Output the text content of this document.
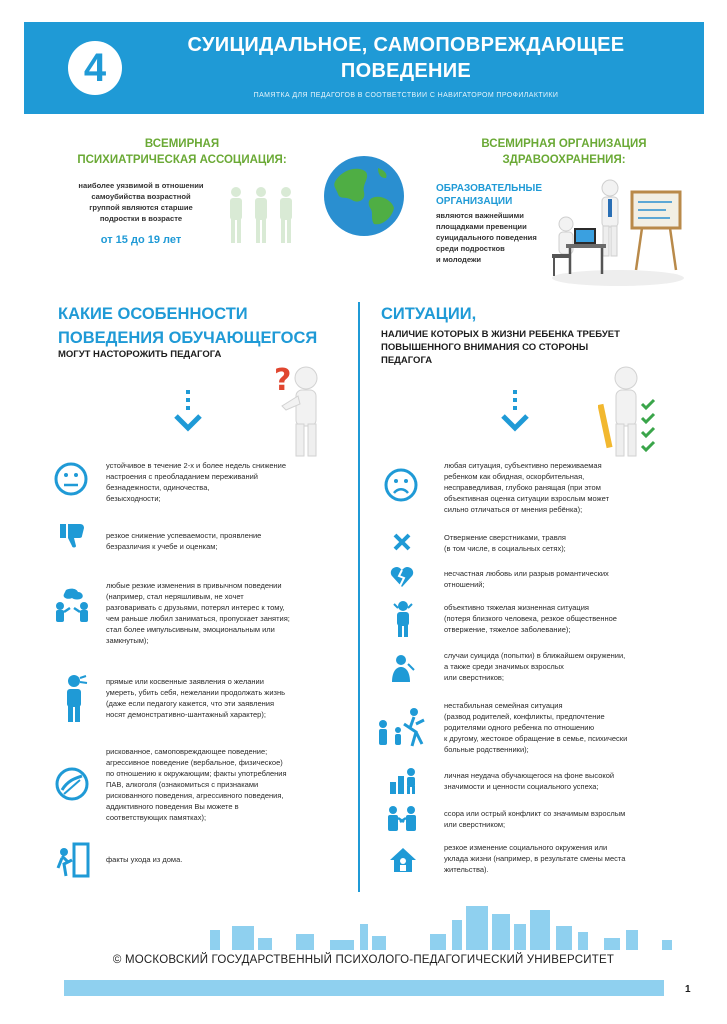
4
СУИЦИДАЛЬНОЕ, САМОПОВРЕЖДАЮЩЕЕ
ПОВЕДЕНИЕ
ПАМЯТКА ДЛЯ ПЕДАГОГОВ В СООТВЕТСТВИИ С НАВИГАТОРОМ ПРОФИЛАКТИКИ
ВСЕМИРНАЯ
ПСИХИАТРИЧЕСКАЯ АССОЦИАЦИЯ:
наиболее уязвимой в отношении
самоубийства возрастной
группой являются старшие
подростки в возрасте
от 15 до 19 лет
ВСЕМИРНАЯ ОРГАНИЗАЦИЯ
ЗДРАВООХРАНЕНИЯ:
ОБРАЗОВАТЕЛЬНЫЕ
ОРГАНИЗАЦИИ
являются важнейшими
площадками превенции
суицидального поведения
среди подростков
и молодежи
КАКИЕ ОСОБЕННОСТИ
ПОВЕДЕНИЯ ОБУЧАЮЩЕГОСЯ
МОГУТ НАСТОРОЖИТЬ ПЕДАГОГА
СИТУАЦИИ,
НАЛИЧИЕ КОТОРЫХ В ЖИЗНИ РЕБЕНКА ТРЕБУЕТ
ПОВЫШЕННОГО ВНИМАНИЯ СО СТОРОНЫ
ПЕДАГОГА
?
устойчивое в течение 2-х и более недель снижение
настроения с преобладанием переживаний
безнадежности, одиночества,
безысходности;
резкое снижение успеваемости, проявление
безразличия к учебе и оценкам;
любые резкие изменения в привычном поведении
(например, стал неряшливым, не хочет
разговаривать с друзьями, потерял интерес к тому,
чем раньше любил заниматься, пропускает занятия;
стал более импульсивным, эмоциональным или
замкнутым);
прямые или косвенные заявления о желании
умереть, убить себя, нежелании продолжать жизнь
(даже если педагогу кажется, что эти заявления
носят демонстративно-шантажный характер);
рискованное, самоповреждающее поведение;
агрессивное поведение (вербальное, физическое)
по отношению к окружающим; факты употребления
ПАВ, алкоголя (ознакомиться с признаками
рискованного поведения, агрессивного поведения,
аддиктивного поведения Вы можете в
соответствующих памятках);
факты ухода из дома.
любая ситуация, субъективно переживаемая
ребенком как обидная, оскорбительная,
несправедливая, глубоко ранящая (при этом
объективная оценка ситуации взрослым может
сильно отличаться от мнения ребёнка);
Отвержение сверстниками, травля
(в том числе, в социальных сетях);
несчастная любовь или разрыв романтических
отношений;
объективно тяжелая жизненная ситуация
(потеря близкого человека, резкое общественное
отвержение, тяжелое заболевание);
случаи суицида (попытки) в ближайшем окружении,
а также среди значимых взрослых
или сверстников;
нестабильная семейная ситуация
(развод родителей, конфликты, предпочтение
родителями одного ребенка по отношению
к другому, жестокое обращение в семье, психически
больные родственники);
личная неудача обучающегося на фоне высокой
значимости и ценности социального успеха;
ссора или острый конфликт со значимым взрослым
или сверстником;
резкое изменение социального окружения или
уклада жизни (например, в результате смены места
жительства).
© МОСКОВСКИЙ ГОСУДАРСТВЕННЫЙ ПСИХОЛОГО-ПЕДАГОГИЧЕСКИЙ УНИВЕРСИТЕТ
1
